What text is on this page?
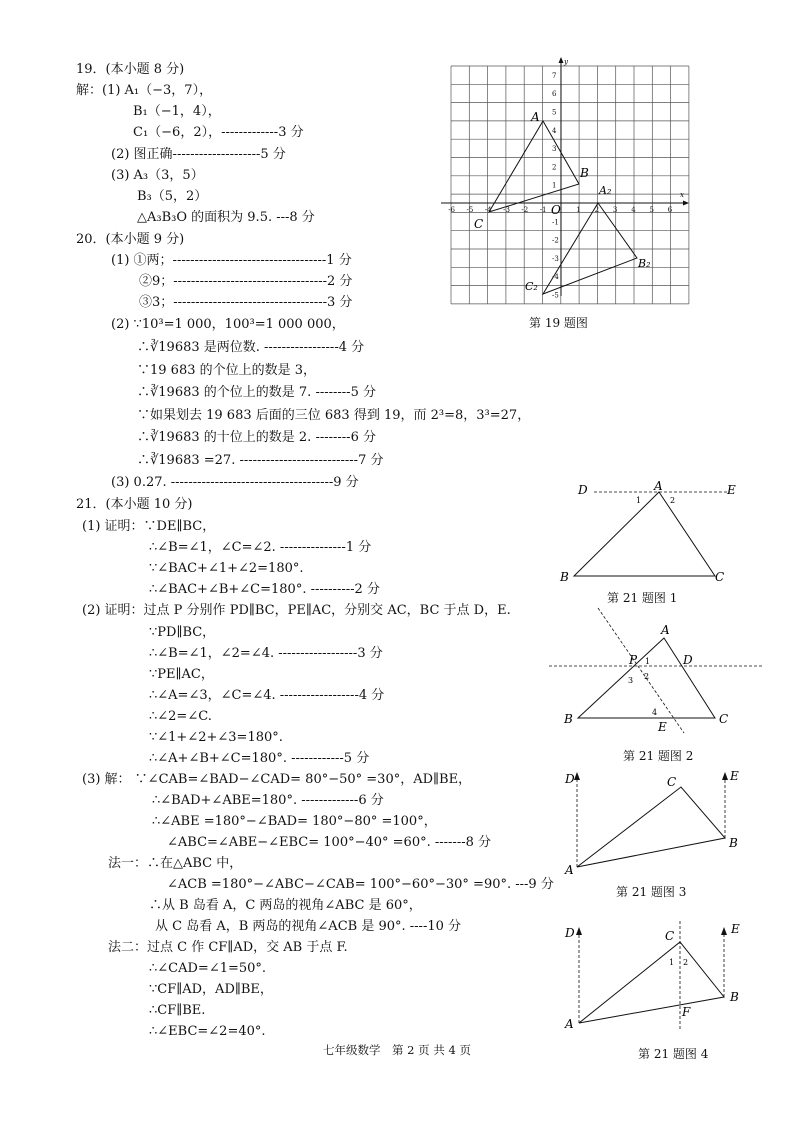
19．(本小题 8 分)
解：(1) A₁（−3，7），
B₁（−1，4），
C₁（−6，2），-------------3 分
(2) 图正确--------------------5 分
(3) A₃（3，5）
B₃（5，2）
△A₃B₃O 的面积为 9.5. ---8 分
20．(本小题 9 分)
(1) ①两；-----------------------------------1 分
②9；-----------------------------------2 分
③3；-----------------------------------3 分
(2) ∵10³=1 000，100³=1 000 000，
∴∛19683 是两位数. -----------------4 分
∵19 683 的个位上的数是 3，
∴∛19683 的个位上的数是 7. --------5 分
∵如果划去 19 683 后面的三位 683 得到 19，而 2³=8，3³=27，
∴∛19683 的十位上的数是 2. --------6 分
∴∛19683 =27. ---------------------------7 分
(3) 0.27. -------------------------------------9 分
21．(本小题 10 分)
(1) 证明：∵DE∥BC，
∴∠B=∠1，∠C=∠2. ---------------1 分
∵∠BAC+∠1+∠2=180°.
∴∠BAC+∠B+∠C=180°. ----------2 分
(2) 证明：过点 P 分别作 PD∥BC，PE∥AC，分别交 AC，BC 于点 D，E.
∵PD∥BC，
∴∠B=∠1，∠2=∠4. ------------------3 分
∵PE∥AC，
∴∠A=∠3，∠C=∠4. ------------------4 分
∴∠2=∠C.
∵∠1+∠2+∠3=180°.
∴∠A+∠B+∠C=180°. ------------5 分
(3) 解： ∵∠CAB=∠BAD−∠CAD= 80°−50° =30°，AD∥BE，
∴∠BAD+∠ABE=180°. -------------6 分
∴∠ABE =180°−∠BAD= 180°−80° =100°，
∠ABC=∠ABE−∠EBC= 100°−40° =60°. -------8 分
法一：∴在△ABC 中，
∠ACB =180°−∠ABC−∠CAB= 100°−60°−30° =90°. ---9 分
∴从 B 岛看 A，C 两岛的视角∠ABC 是 60°，
从 C 岛看 A，B 两岛的视角∠ACB 是 90°. ----10 分
法二：过点 C 作 CF∥AD，交 AB 于点 F.
∴∠CAD=∠1=50°.
∵CF∥AD，AD∥BE，
∴CF∥BE.
∴∠EBC=∠2=40°.
-6 -5 -4 -3 -2 -1	1 2 3 4 5 6
7
6
5
4
3
2
1
-1
-2
-3
-4
-5
x
y
O
A
B
C
A₂
B₂
C₂
第 19 题图
D	A	E
B	C
1	2
第 21 题图 1
A
P	D
B
E
C
1
2
3
4
第 21 题图 2
D	E
C
A
B
第 21 题图 3
D	E
C
A
B
F
1 2
第 21 题图 4
七年级数学　第 2 页 共 4 页
